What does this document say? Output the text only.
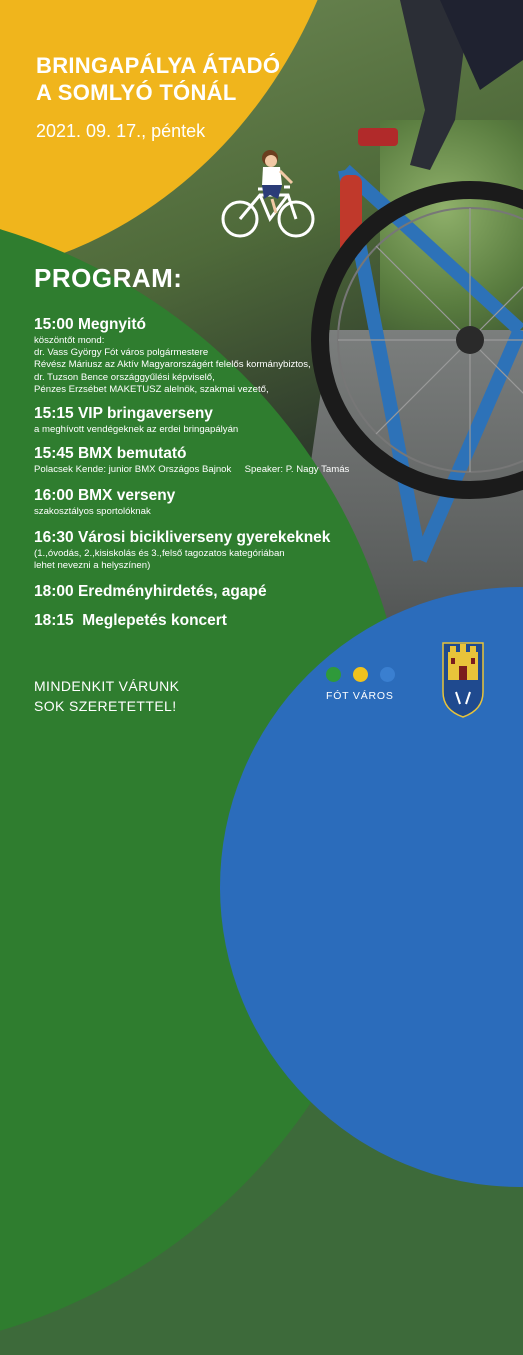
BRINGAPÁLYA ÁTADÓ
A SOMLYÓ TÓNÁL
2021. 09. 17., péntek
PROGRAM:
15:00 Megnyitó
köszöntőt mond:
dr. Vass György Fót város polgármestere
Révész Máriusz az Aktív Magyarországért felelős kormánybiztos,
dr. Tuzson Bence országgyűlési képviselő,
Pénzes Erzsébet MAKETUSZ alelnök, szakmai vezető,
15:15 VIP bringaverseny
a meghívott vendégeknek az erdei bringapályán
15:45 BMX bemutató
Polacsek Kende: junior BMX Országos Bajnok     Speaker: P. Nagy Tamás
16:00 BMX verseny
szakosztályos sportolóknak
16:30 Városi bicikliverseny gyerekeknek
(1.,óvodás, 2.,kisiskolás és 3.,felső tagozatos kategóriában
lehet nevezni a helyszínen)
18:00 Eredményhirdetés, agapé
18:15  Meglepetés koncert
MINDENKIT VÁRUNK
SOK SZERETETTEL!
FÓT VÁROS
